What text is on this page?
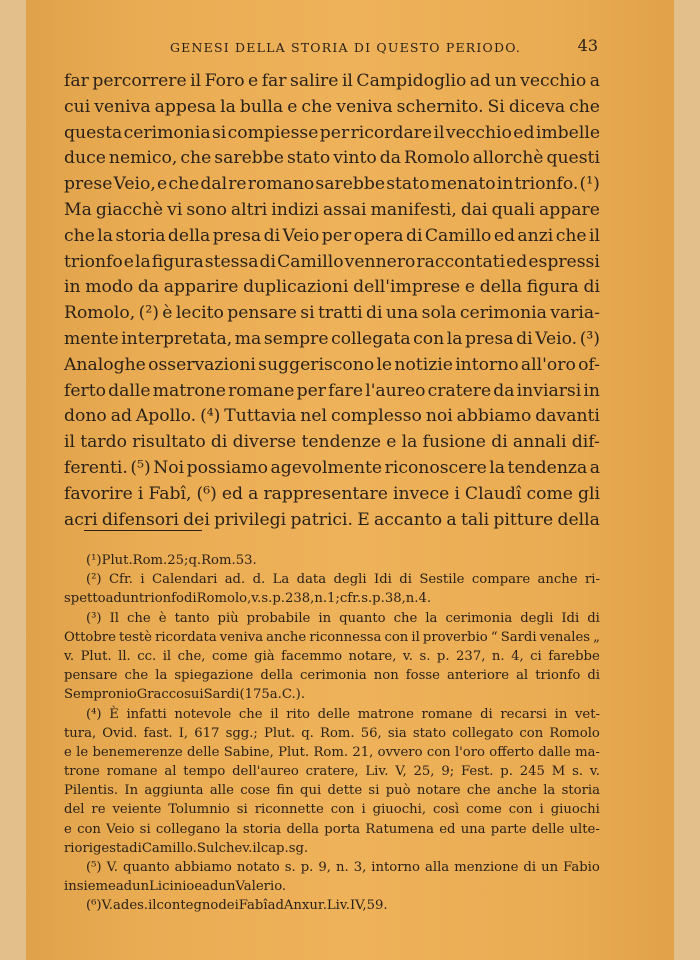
GENESI DELLA STORIA DI QUESTO PERIODO.	43
far percorrere il Foro e far salire il Campidoglio ad un vecchio a
cui veniva appesa la bulla e che veniva schernito. Si diceva che
questa cerimonia si compiesse per ricordare il vecchio ed imbelle
duce nemico, che sarebbe stato vinto da Romolo allorchè questi
prese Veio, e che dal re romano sarebbe stato menato in trionfo. (¹)
Ma giacchè vi sono altri indizi assai manifesti, dai quali appare
che la storia della presa di Veio per opera di Camillo ed anzi che il
trionfo e la figura stessa di Camillo vennero raccontati ed espressi
in modo da apparire duplicazioni dell'imprese e della figura di
Romolo, (²) è lecito pensare si tratti di una sola cerimonia varia-
mente interpretata, ma sempre collegata con la presa di Veio. (³)
Analoghe osservazioni suggeriscono le notizie intorno all'oro of-
ferto dalle matrone romane per fare l'aureo cratere da inviarsi in
dono ad Apollo. (⁴) Tuttavia nel complesso noi abbiamo davanti
il tardo risultato di diverse tendenze e la fusione di annali dif-
ferenti. (⁵) Noi possiamo agevolmente riconoscere la tendenza a
favorire i Fabî, (⁶) ed a rappresentare invece i Claudî come gli
acri difensori dei privilegi patrici. E accanto a tali pitture della
(¹) Plut. Rom. 25; q. Rom. 53.
(²) Cfr. i Calendari ad. d. La data degli Idi di Sestile compare anche ri-
spetto ad un trionfo di Romolo, v. s. p. 238, n. 1; cfr. s. p. 38, n. 4.
(³) Il che è tanto più probabile in quanto che la cerimonia degli Idi di
Ottobre testè ricordata veniva anche riconnessa con il proverbio “ Sardi venales „
v. Plut. ll. cc. il che, come già facemmo notare, v. s. p. 237, n. 4, ci farebbe
pensare che la spiegazione della cerimonia non fosse anteriore al trionfo di
Sempronio Gracco sui Sardi (175 a. C.).
(⁴) È infatti notevole che il rito delle matrone romane di recarsi in vet-
tura, Ovid. fast. I, 617 sgg.; Plut. q. Rom. 56, sia stato collegato con Romolo
e le benemerenze delle Sabine, Plut. Rom. 21, ovvero con l'oro offerto dalle ma-
trone romane al tempo dell'aureo cratere, Liv. V, 25, 9; Fest. p. 245 M s. v.
Pilentis. In aggiunta alle cose fin qui dette si può notare che anche la storia
del re veiente Tolumnio si riconnette con i giuochi, così come con i giuochi
e con Veio si collegano la storia della porta Ratumena ed una parte delle ulte-
riori gesta di Camillo. Sul che v. il cap. sg.
(⁵) V. quanto abbiamo notato s. p. 9, n. 3, intorno alla menzione di un Fabio
insieme ad un Licinio e ad un Valerio.
(⁶) V. ad es. il contegno dei Fabî ad Anxur. Liv. IV, 59.
